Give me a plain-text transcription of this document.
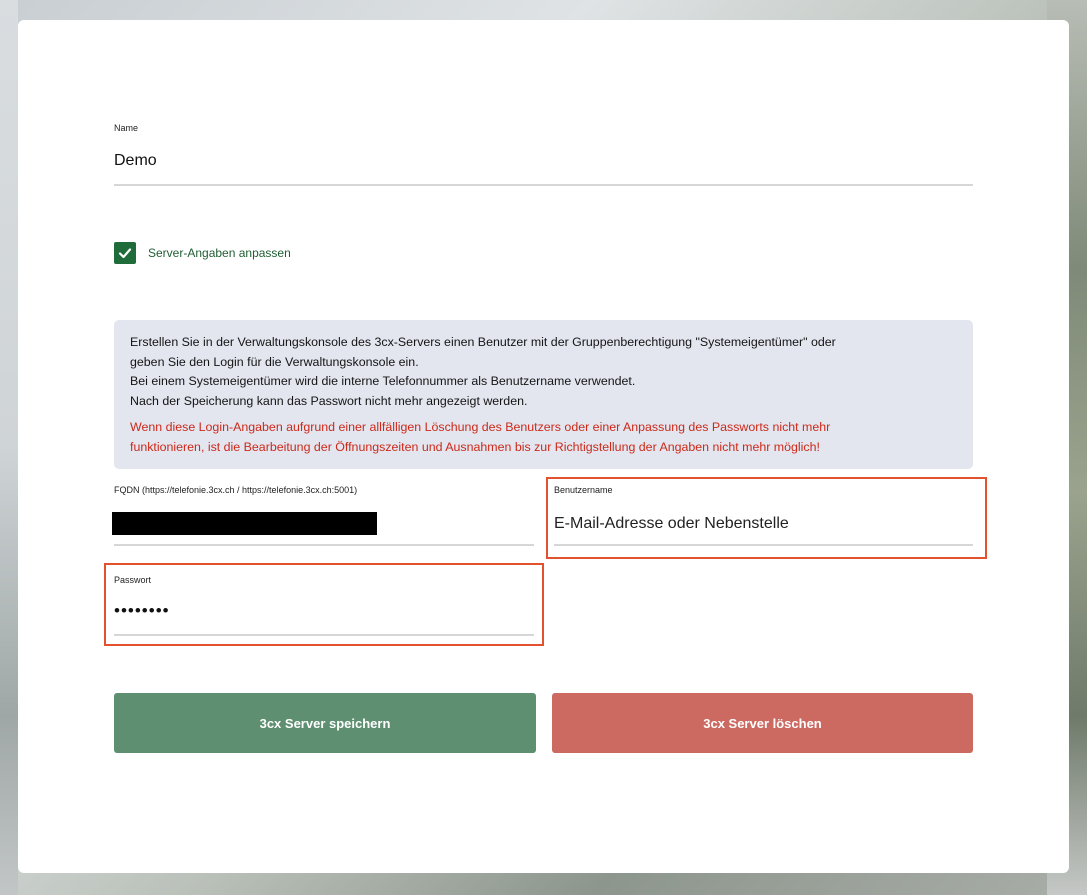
Name
Demo
Server-Angaben anpassen
Erstellen Sie in der Verwaltungskonsole des 3cx-Servers einen Benutzer mit der Gruppenberechtigung "Systemeigentümer" oder
geben Sie den Login für die Verwaltungskonsole ein.
Bei einem Systemeigentümer wird die interne Telefonnummer als Benutzername verwendet.
Nach der Speicherung kann das Passwort nicht mehr angezeigt werden.
Wenn diese Login-Angaben aufgrund einer allfälligen Löschung des Benutzers oder einer Anpassung des Passworts nicht mehr
funktionieren, ist die Bearbeitung der Öffnungszeiten und Ausnahmen bis zur Richtigstellung der Angaben nicht mehr möglich!
FQDN (https://telefonie.3cx.ch / https://telefonie.3cx.ch:5001)	Benutzername
E-Mail-Adresse oder Nebenstelle
Passwort
••••••••
3cx Server speichern	3cx Server löschen
